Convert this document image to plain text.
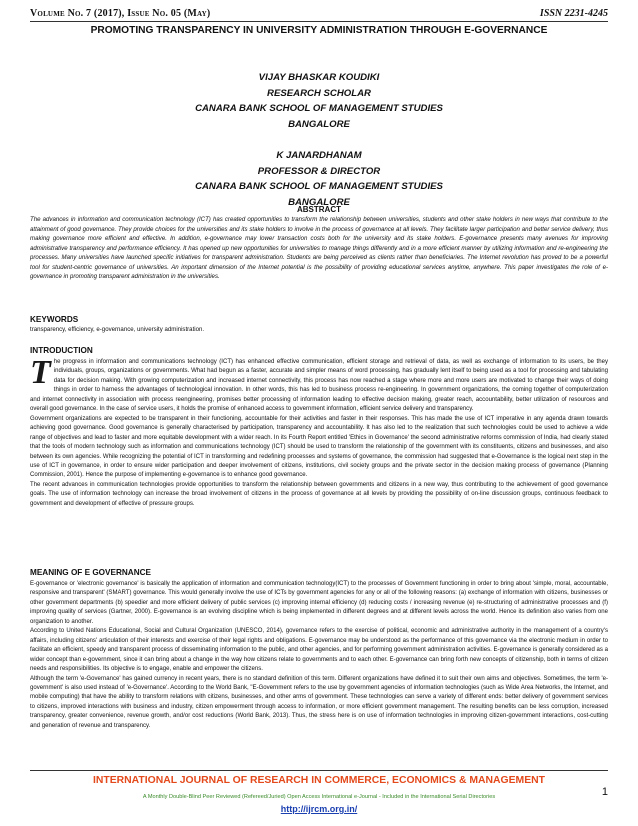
Volume No. 7 (2017), Issue No. 05 (May)	ISSN 2231-4245
PROMOTING TRANSPARENCY IN UNIVERSITY ADMINISTRATION THROUGH E-GOVERNANCE
VIJAY BHASKAR KOUDIKI
RESEARCH SCHOLAR
CANARA BANK SCHOOL OF MANAGEMENT STUDIES
BANGALORE
K JANARDHANAM
PROFESSOR & DIRECTOR
CANARA BANK SCHOOL OF MANAGEMENT STUDIES
BANGALORE
ABSTRACT

The advances in information and communication technology (ICT) has created opportunities to transform the relationship between universities, students and other stake holders in new ways that contribute to the attainment of good governance. They provide choices for the universities and its stake holders to involve in the process of governance at all levels. They facilitate larger participation and better service delivery, thus making governance more efficient and effective. In addition, e-governance may lower transaction costs both for the university and its stake holders. E-governance presents many avenues for improving administrative transparency and performance efficiency. It has opened up new opportunities for universities to manage things differently and in a more efficient manner by utilizing information and re-engineering the processes. Many universities have launched specific initiatives for transparent administration. Students are being perceived as clients rather than beneficiaries. The Internet revolution has proved to be a powerful tool for student-centric governance of universities. An important dimension of the Internet potential is the possibility of providing educational services anytime, anywhere. This paper investigates the role of e-governance in promoting transparent administration in the universities.

KEYWORDS

transparency, efficiency, e-governance, university administration.

INTRODUCTION

The progress in information and communications technology (ICT) has enhanced effective communication, efficient storage and retrieval of data, as well as exchange of information to its users, be they individuals, groups, organizations or governments. What had begun as a faster, accurate and simpler means of word processing, has gradually lent itself to being used as a tool for processing and tabulating data for decision making. With growing computerization and increased internet connectivity, this process has now reached a stage where more and more users are motivated to change their ways of doing things in order to harness the advantages of technological innovation. In other words, this has led to business process re-engineering. In government organizations, the coming together of computerization and internet connectivity in association with process reengineering, promises better processing of information leading to effective decision making, greater reach, accountability, better utilization of resources and overall good governance. In the case of service users, it holds the promise of enhanced access to government information, efficient service delivery and transparency.

Government organizations are expected to be transparent in their functioning, accountable for their activities and faster in their responses. This has made the use of ICT imperative in any agenda drawn towards achieving good governance. Good governance is generally characterised by participation, transparency and accountability. It has also led to the realization that such technologies could be used to achieve a wide range of objectives and lead to faster and more equitable development with a wider reach. In its Fourth Report entitled 'Ethics in Governance' the second administrative reforms commission of India, had clearly stated that the tools of modern technology such as information and communications technology (ICT) should be used to transform the relationship of the government with its constituents, citizens and businesses, and also between its own agencies. While recognizing the potential of ICT in transforming and redefining processes and systems of governance, the commission had suggested that e-Governance is the logical next step in the use of ICT in governance, in order to ensure wider participation and deeper involvement of citizens, institutions, civil society groups and the private sector in the decision making process of governance (Planning Commission, 2001). Hence the purpose of implementing e-governance is to enhance good governance.

The recent advances in communication technologies provide opportunities to transform the relationship between governments and citizens in a new way, thus contributing to the achievement of good governance goals. The use of information technology can increase the broad involvement of citizens in the process of governance at all levels by providing the possibility of on-line discussion groups, continuous feedback to government and development of effective of pressure groups.

MEANING OF E GOVERNANCE

E-governance or 'electronic governance' is basically the application of information and communication technology(ICT) to the processes of Government functioning in order to bring about 'simple, moral, accountable, responsive and transparent' (SMART) governance. This would generally involve the use of ICTs by government agencies for any or all of the following reasons: (a) exchange of information with citizens, businesses or other government departments (b) speedier and more efficient delivery of public services (c) improving internal efficiency (d) reducing costs / increasing revenue (e) re-structuring of administrative processes and (f) improving quality of services (Gartner, 2000). E-governance is an evolving discipline which is being implemented in different degrees and at different levels across the world. Hence its definition also varies from one organization to another.

According to United Nations Educational, Social and Cultural Organization (UNESCO, 2014), governance refers to the exercise of political, economic and administrative authority in the management of a country's affairs, including citizens' articulation of their interests and exercise of their legal rights and obligations. E-governance may be understood as the performance of this governance via the electronic medium in order to facilitate an efficient, speedy and transparent process of disseminating information to the public, and other agencies, and for performing government administration activities. E-governance is generally considered as a wider concept than e-government, since it can bring about a change in the way how citizens relate to governments and to each other. E-governance can bring forth new concepts of citizenship, both in terms of citizen needs and responsibilities. Its objective is to engage, enable and empower the citizens.

Although the term 'e-Governance' has gained currency in recent years, there is no standard definition of this term. Different organizations have defined it to suit their own aims and objectives. Sometimes, the term 'e-government' is also used instead of 'e-Governance'. According to the World Bank, "E-Government refers to the use by government agencies of information technologies (such as Wide Area Networks, the Internet, and mobile computing) that have the ability to transform relations with citizens, businesses, and other arms of government. These technologies can serve a variety of different ends: better delivery of government services to citizens, improved interactions with business and industry, citizen empowerment through access to information, or more efficient government management. The resulting benefits can be less corruption, increased transparency, greater convenience, revenue growth, and/or cost reductions (World Bank, 2013). Thus, the stress here is on use of information technologies in improving citizen-government interactions, cost-cutting and generation of revenue and transparency.

INTERNATIONAL JOURNAL OF RESEARCH IN COMMERCE, ECONOMICS & MANAGEMENT
A Monthly Double-Blind Peer Reviewed (Refereed/Juried) Open Access International e-Journal - Included in the International Serial Directories
http://ijrcm.org.in/
1
